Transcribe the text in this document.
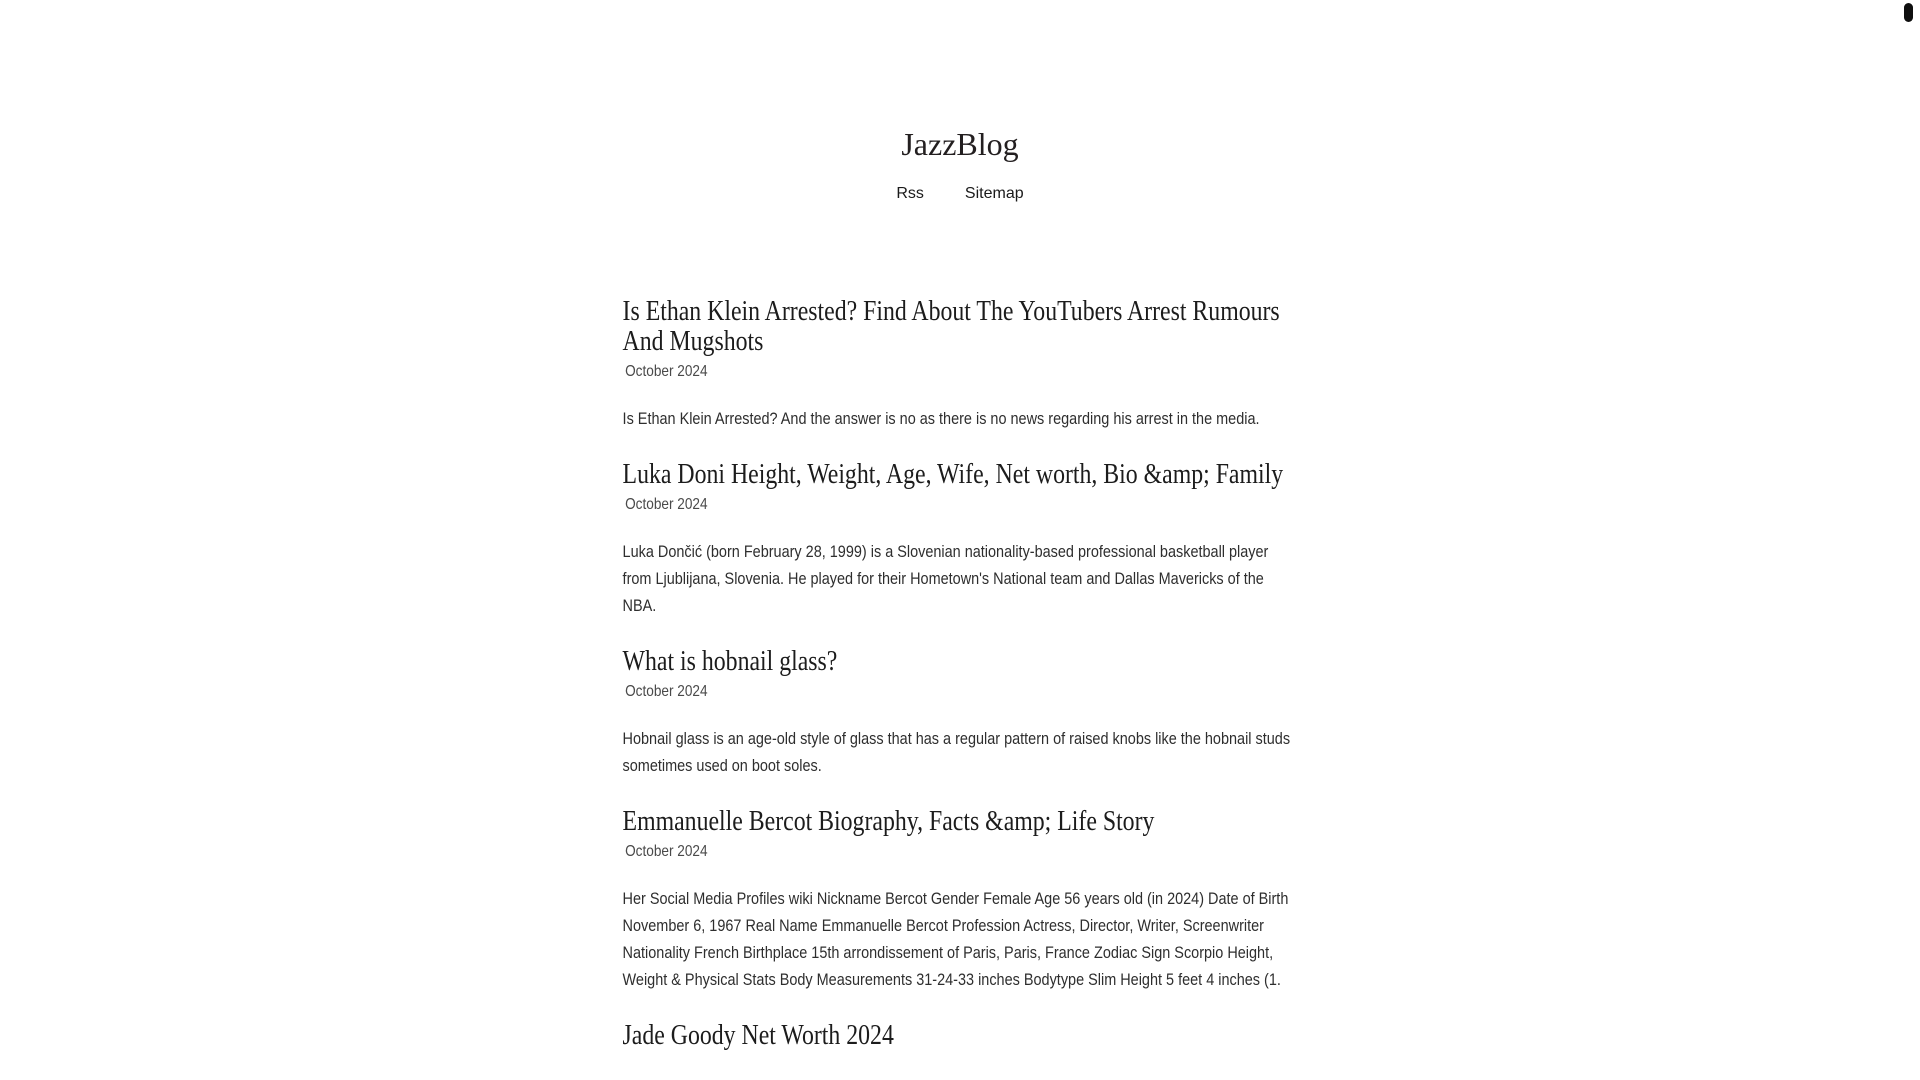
JazzBlog
Rss	Sitemap
Is Ethan Klein Arrested? Find About The YouTubers Arrest Rumours And Mugshots
October 2024

Is Ethan Klein Arrested? And the answer is no as there is no news regarding his arrest in the media.

Luka Doni Height, Weight, Age, Wife, Net worth, Bio &amp; Family
October 2024

Luka Dončić (born February 28, 1999) is a Slovenian nationality-based professional basketball player from Ljublijana, Slovenia. He played for their Hometown's National team and Dallas Mavericks of the NBA.

What is hobnail glass?
October 2024

Hobnail glass is an age-old style of glass that has a regular pattern of raised knobs like the hobnail studs sometimes used on boot soles.

Emmanuelle Bercot Biography, Facts &amp; Life Story
October 2024

Her Social Media Profiles wiki Nickname Bercot Gender Female Age 56 years old (in 2024) Date of Birth November 6, 1967 Real Name Emmanuelle Bercot Profession Actress, Director, Writer, Screenwriter Nationality French Birthplace 15th arrondissement of Paris, Paris, France Zodiac Sign Scorpio Height, Weight & Physical Stats Body Measurements 31-24-33 inches Bodytype Slim Height 5 feet 4 inches (1.

Jade Goody Net Worth 2024
